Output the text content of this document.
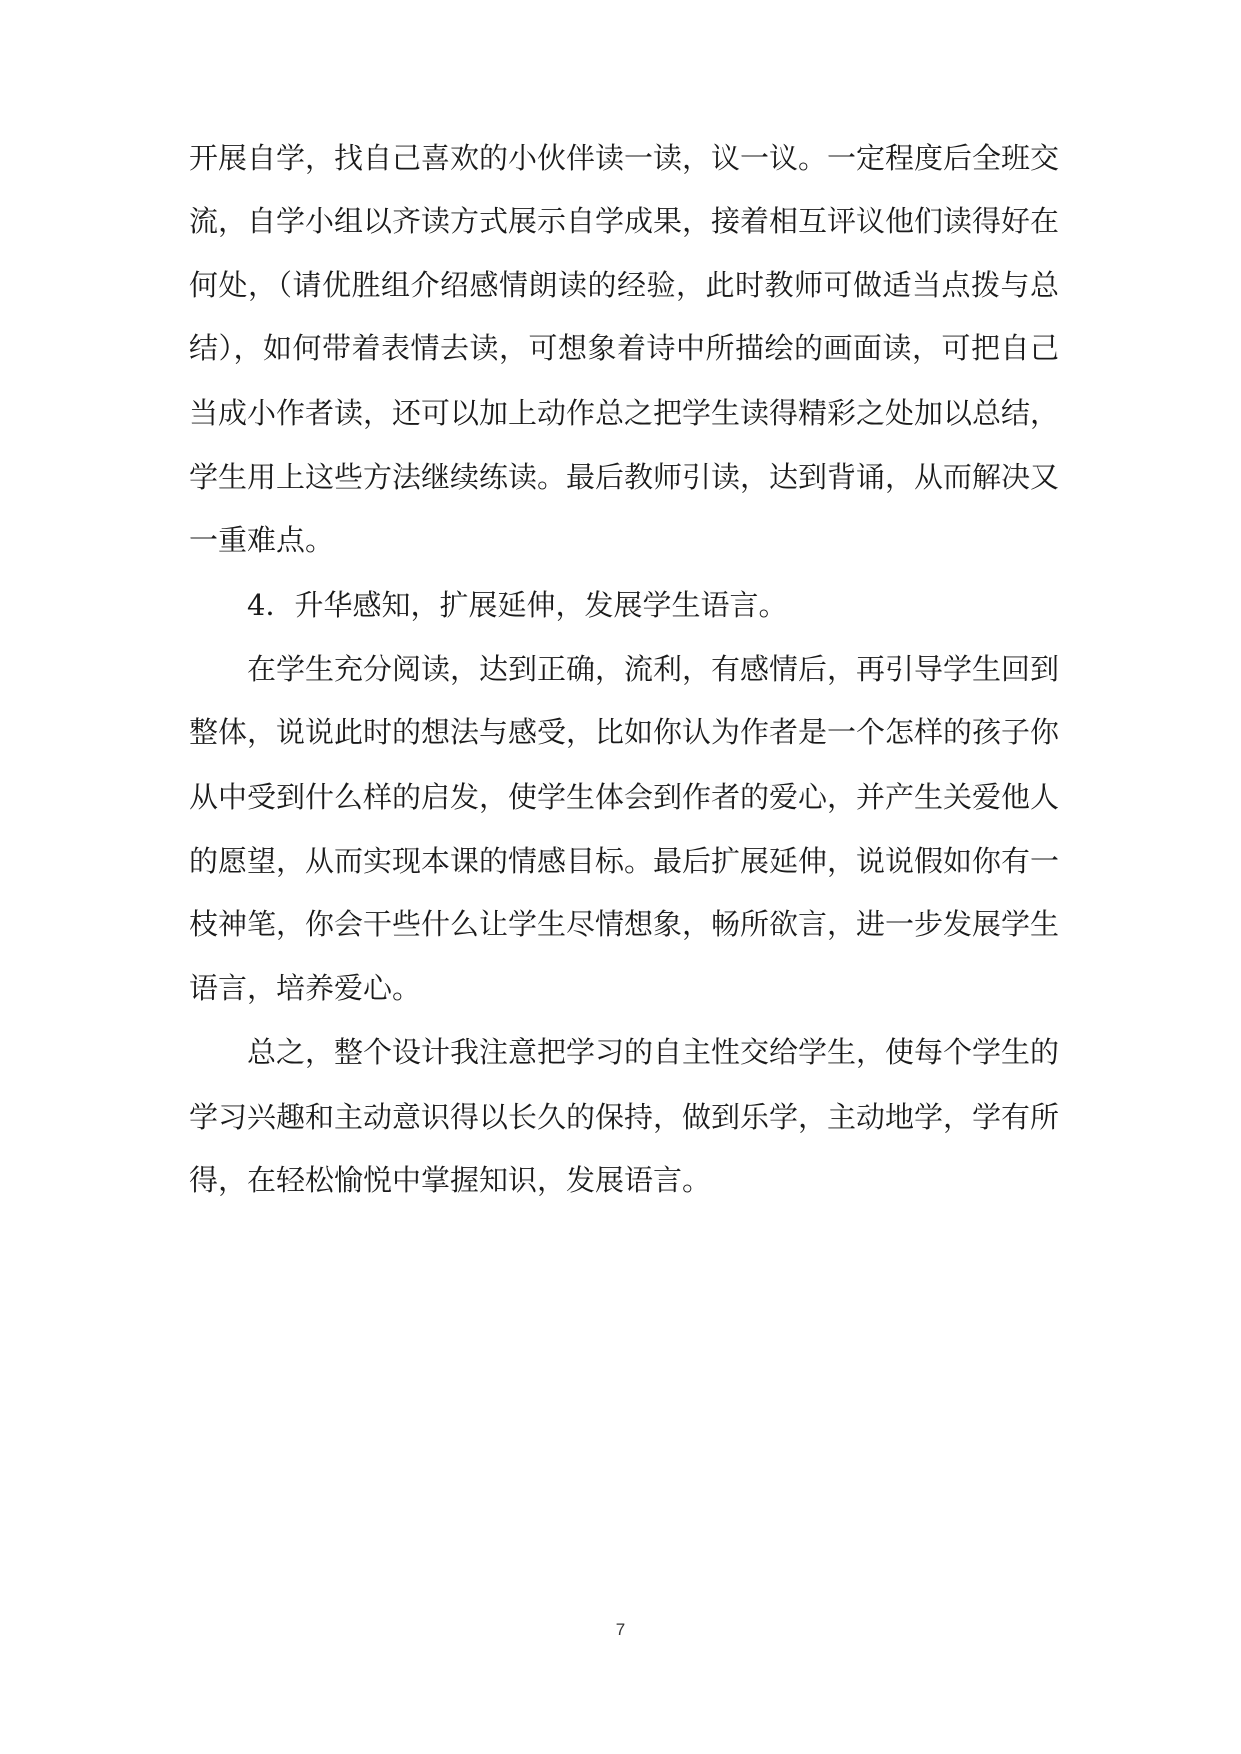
开展自学，找自己喜欢的小伙伴读一读，议一议。一定程度后全班交
流，自学小组以齐读方式展示自学成果，接着相互评议他们读得好在
何处，（请优胜组介绍感情朗读的经验，此时教师可做适当点拨与总
结），如何带着表情去读，可想象着诗中所描绘的画面读，可把自己
当成小作者读，还可以加上动作总之把学生读得精彩之处加以总结，
学生用上这些方法继续练读。最后教师引读，达到背诵，从而解决又
一重难点。
4．升华感知，扩展延伸，发展学生语言。
在学生充分阅读，达到正确，流利，有感情后，再引导学生回到
整体，说说此时的想法与感受，比如你认为作者是一个怎样的孩子你
从中受到什么样的启发，使学生体会到作者的爱心，并产生关爱他人
的愿望，从而实现本课的情感目标。最后扩展延伸，说说假如你有一
枝神笔，你会干些什么让学生尽情想象，畅所欲言，进一步发展学生
语言，培养爱心。
总之，整个设计我注意把学习的自主性交给学生，使每个学生的
学习兴趣和主动意识得以长久的保持，做到乐学，主动地学，学有所
得，在轻松愉悦中掌握知识，发展语言。
7
